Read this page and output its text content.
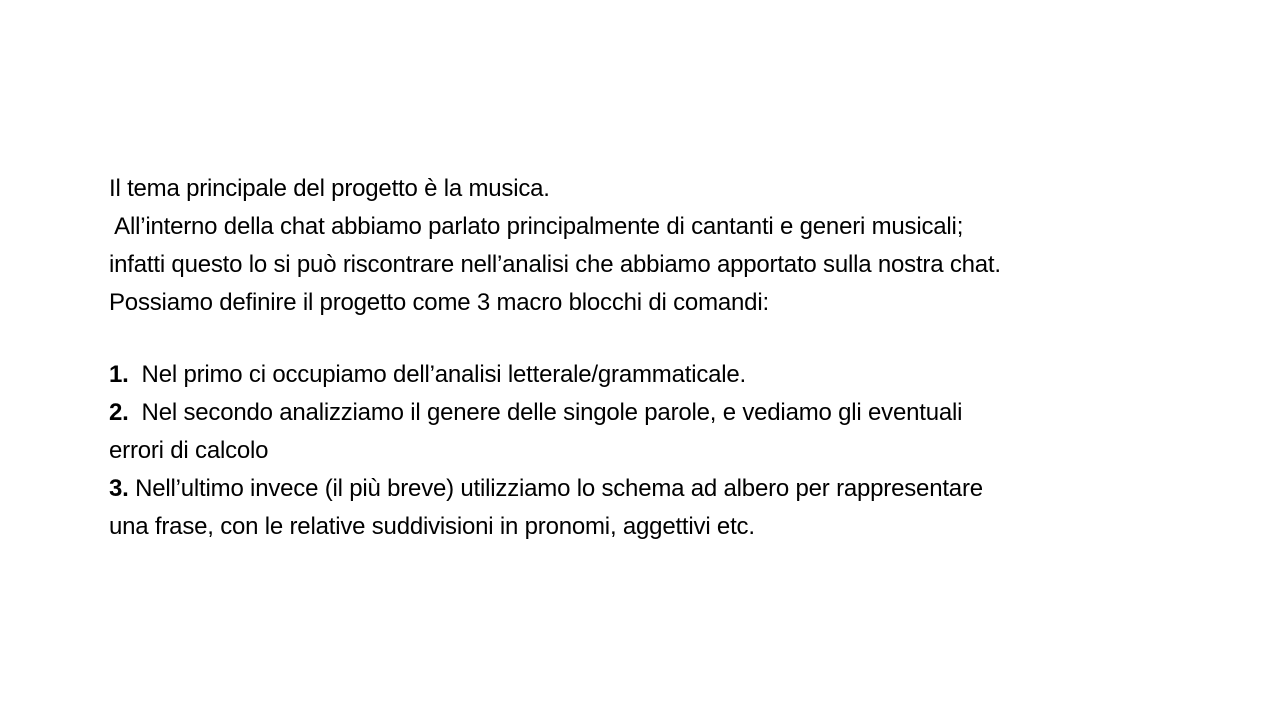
Il tema principale del progetto è la musica.

All’interno della chat abbiamo parlato principalmente di cantanti e generi musicali;

infatti questo lo si può riscontrare nell’analisi che abbiamo apportato sulla nostra chat.

Possiamo definire il progetto come 3 macro blocchi di comandi:

1.  Nel primo ci occupiamo dell’analisi letterale/grammaticale.

2.  Nel secondo analizziamo il genere delle singole parole, e vediamo gli eventuali

errori di calcolo

3. Nell’ultimo invece (il più breve) utilizziamo lo schema ad albero per rappresentare

una frase, con le relative suddivisioni in pronomi, aggettivi etc.
